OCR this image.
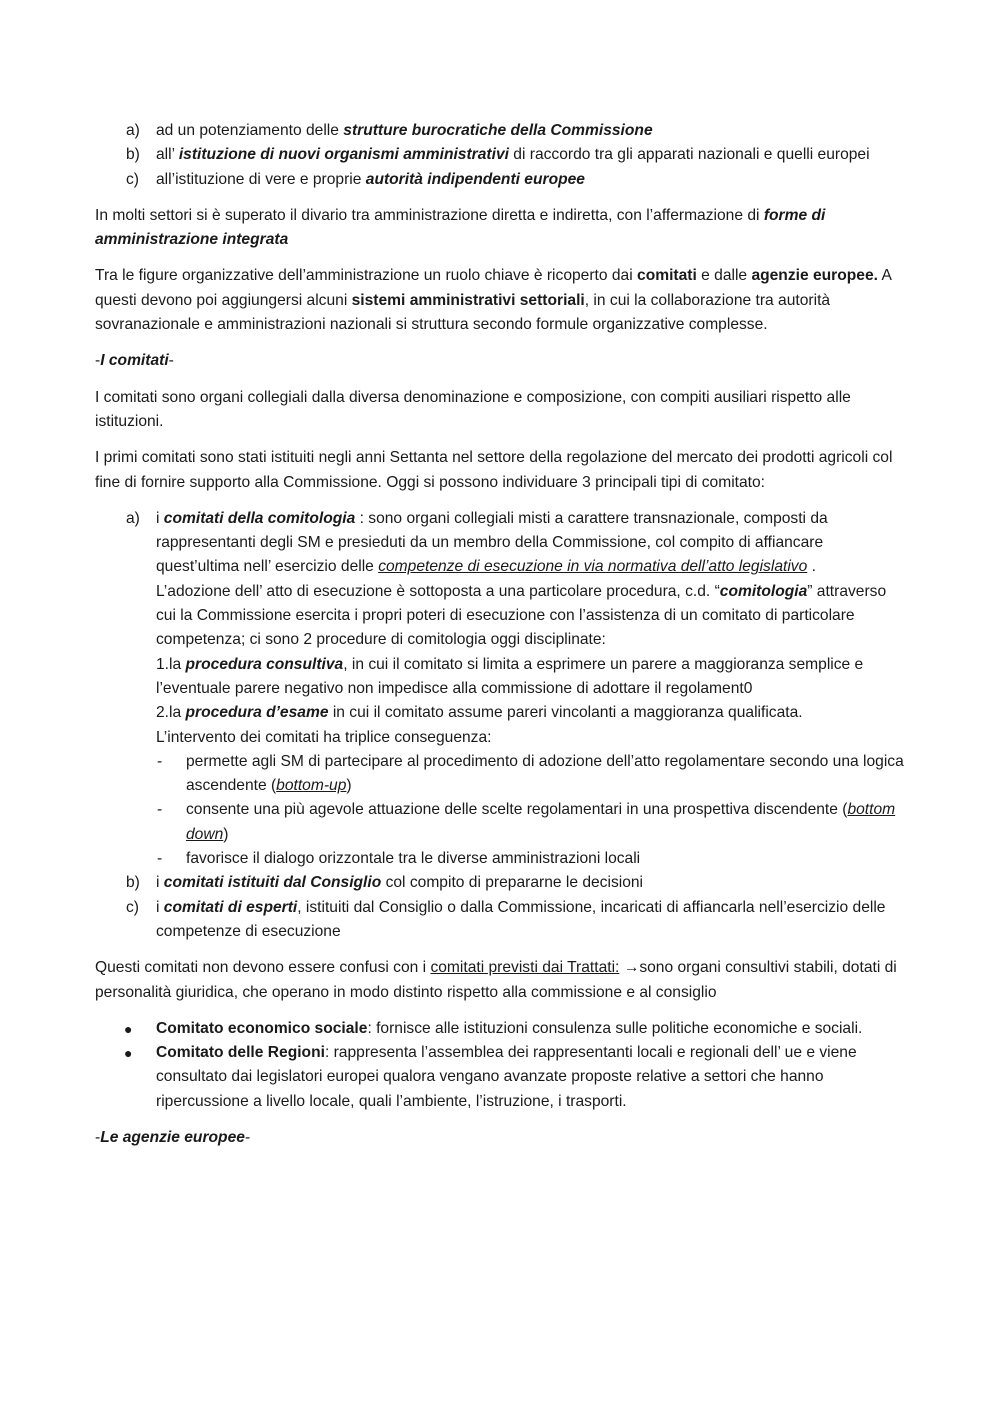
a) ad un potenziamento delle strutture burocratiche della Commissione
b) all’ istituzione di nuovi organismi amministrativi di raccordo tra gli apparati nazionali e quelli europei
c) all’istituzione di vere e proprie autorità indipendenti europee

In molti settori si è superato il divario tra amministrazione diretta e indiretta, con l’affermazione di forme di amministrazione integrata

Tra le figure organizzative dell’amministrazione un ruolo chiave è ricoperto dai comitati e dalle agenzie europee. A questi devono poi aggiungersi alcuni sistemi amministrativi settoriali, in cui la collaborazione tra autorità sovranazionale e amministrazioni nazionali si struttura secondo formule organizzative complesse.

-I comitati-

I comitati sono organi collegiali dalla diversa denominazione e composizione, con compiti ausiliari rispetto alle istituzioni.

I primi comitati sono stati istituiti negli anni Settanta nel settore della regolazione del mercato dei prodotti agricoli col fine di fornire supporto alla Commissione. Oggi si possono individuare 3 principali tipi di comitato:

a) i comitati della comitologia : sono organi collegiali misti a carattere transnazionale, composti da rappresentanti degli SM e presieduti da un membro della Commissione, col compito di affiancare quest’ultima nell’ esercizio delle competenze di esecuzione in via normativa dell’atto legislativo .
L’adozione dell’ atto di esecuzione è sottoposta a una particolare procedura, c.d. “comitologia” attraverso cui la Commissione esercita i propri poteri di esecuzione con l’assistenza di un comitato di particolare competenza; ci sono 2 procedure di comitologia oggi disciplinate:
1.la procedura consultiva, in cui il comitato si limita a esprimere un parere a maggioranza semplice e l’eventuale parere negativo non impedisce alla commissione di adottare il regolament0
2.la procedura d’esame in cui il comitato assume pareri vincolanti a maggioranza qualificata.
L’intervento dei comitati ha triplice conseguenza:
- permette agli SM di partecipare al procedimento di adozione dell’atto regolamentare secondo una logica ascendente (bottom-up)
- consente una più agevole attuazione delle scelte regolamentari in una prospettiva discendente (bottom down)
- favorisce il dialogo orizzontale tra le diverse amministrazioni locali
b) i comitati istituiti dal Consiglio col compito di prepararne le decisioni
c) i comitati di esperti, istituiti dal Consiglio o dalla Commissione, incaricati di affiancarla nell’esercizio delle competenze di esecuzione

Questi comitati non devono essere confusi con i comitati previsti dai Trattati: →sono organi consultivi stabili, dotati di personalità giuridica, che operano in modo distinto rispetto alla commissione e al consiglio

● Comitato economico sociale: fornisce alle istituzioni consulenza sulle politiche economiche e sociali.
● Comitato delle Regioni: rappresenta l’assemblea dei rappresentanti locali e regionali dell’ ue e viene consultato dai legislatori europei qualora vengano avanzate proposte relative a settori che hanno ripercussione a livello locale, quali l’ambiente, l’istruzione, i trasporti.

-Le agenzie europee-
